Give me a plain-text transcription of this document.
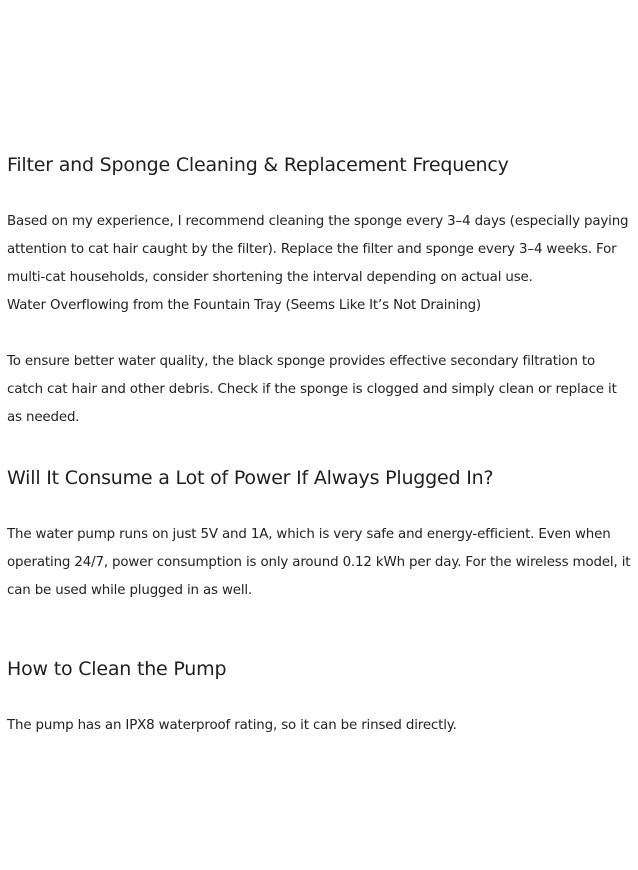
Filter and Sponge Cleaning & Replacement Frequency

Based on my experience, I recommend cleaning the sponge every 3–4 days (especially paying attention to cat hair caught by the filter). Replace the filter and sponge every 3–4 weeks. For multi-cat households, consider shortening the interval depending on actual use.

Water Overflowing from the Fountain Tray (Seems Like It’s Not Draining)

To ensure better water quality, the black sponge provides effective secondary filtration to catch cat hair and other debris. Check if the sponge is clogged and simply clean or replace it as needed.

Will It Consume a Lot of Power If Always Plugged In?

The water pump runs on just 5V and 1A, which is very safe and energy-efficient. Even when operating 24/7, power consumption is only around 0.12 kWh per day. For the wireless model, it can be used while plugged in as well.

How to Clean the Pump

The pump has an IPX8 waterproof rating, so it can be rinsed directly.
